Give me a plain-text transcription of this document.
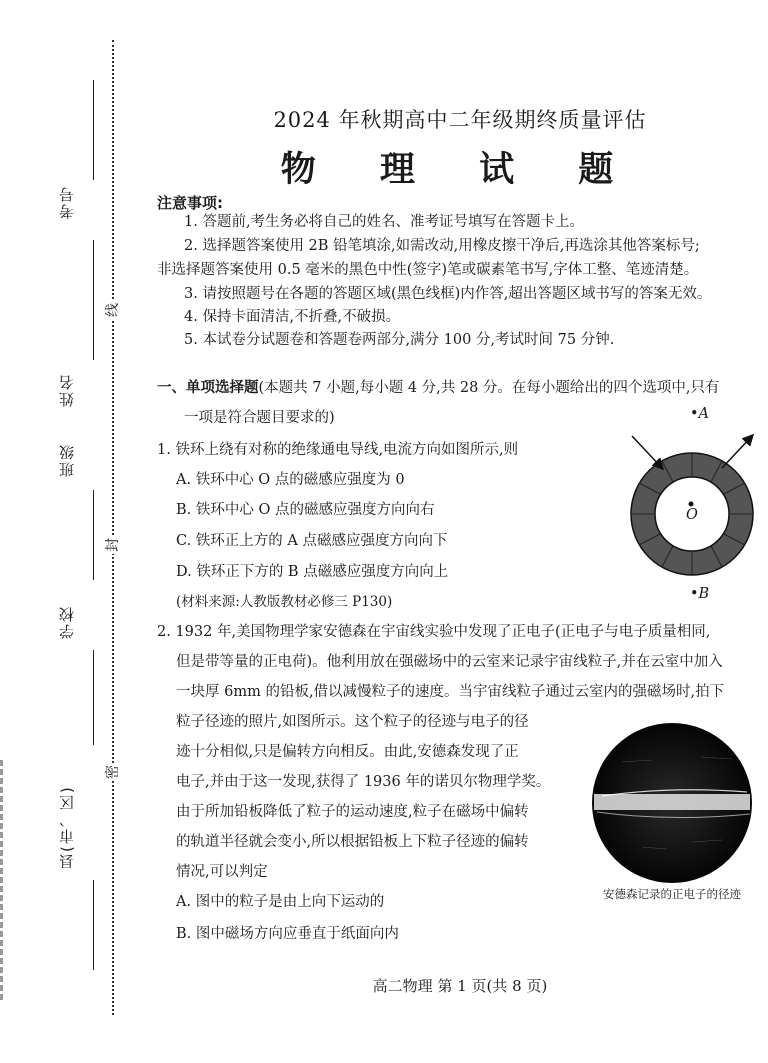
考号
姓名
班级
学校
县(市、区)
线
封
密
2024 年秋期高中二年级期终质量评估
物 理 试 题
注意事项:
1. 答题前,考生务必将自己的姓名、准考证号填写在答题卡上。
2. 选择题答案使用 2B 铅笔填涂,如需改动,用橡皮擦干净后,再选涂其他答案标号;
非选择题答案使用 0.5 毫米的黑色中性(签字)笔或碳素笔书写,字体工整、笔迹清楚。
3. 请按照题号在各题的答题区域(黑色线框)内作答,超出答题区域书写的答案无效。
4. 保持卡面清洁,不折叠,不破损。
5. 本试卷分试题卷和答题卷两部分,满分 100 分,考试时间 75 分钟.
一、单项选择题(本题共 7 小题,每小题 4 分,共 28 分。在每小题给出的四个选项中,只有
一项是符合题目要求的)
1. 铁环上绕有对称的绝缘通电导线,电流方向如图所示,则
A. 铁环中心 O 点的磁感应强度为 0
B. 铁环中心 O 点的磁感应强度方向向右
C. 铁环正上方的 A 点磁感应强度方向向下
D. 铁环正下方的 B 点磁感应强度方向向上
(材料来源:人教版教材必修三 P130)
•A
O
•B
2. 1932 年,美国物理学家安德森在宇宙线实验中发现了正电子(正电子与电子质量相同,
但是带等量的正电荷)。他利用放在强磁场中的云室来记录宇宙线粒子,并在云室中加入
一块厚 6mm 的铅板,借以减慢粒子的速度。当宇宙线粒子通过云室内的强磁场时,拍下
粒子径迹的照片,如图所示。这个粒子的径迹与电子的径
迹十分相似,只是偏转方向相反。由此,安德森发现了正
电子,并由于这一发现,获得了 1936 年的诺贝尔物理学奖。
由于所加铅板降低了粒子的运动速度,粒子在磁场中偏转
的轨道半径就会变小,所以根据铅板上下粒子径迹的偏转
情况,可以判定
A. 图中的粒子是由上向下运动的
B. 图中磁场方向应垂直于纸面向内
安德森记录的正电子的径迹
高二物理 第 1 页(共 8 页)
